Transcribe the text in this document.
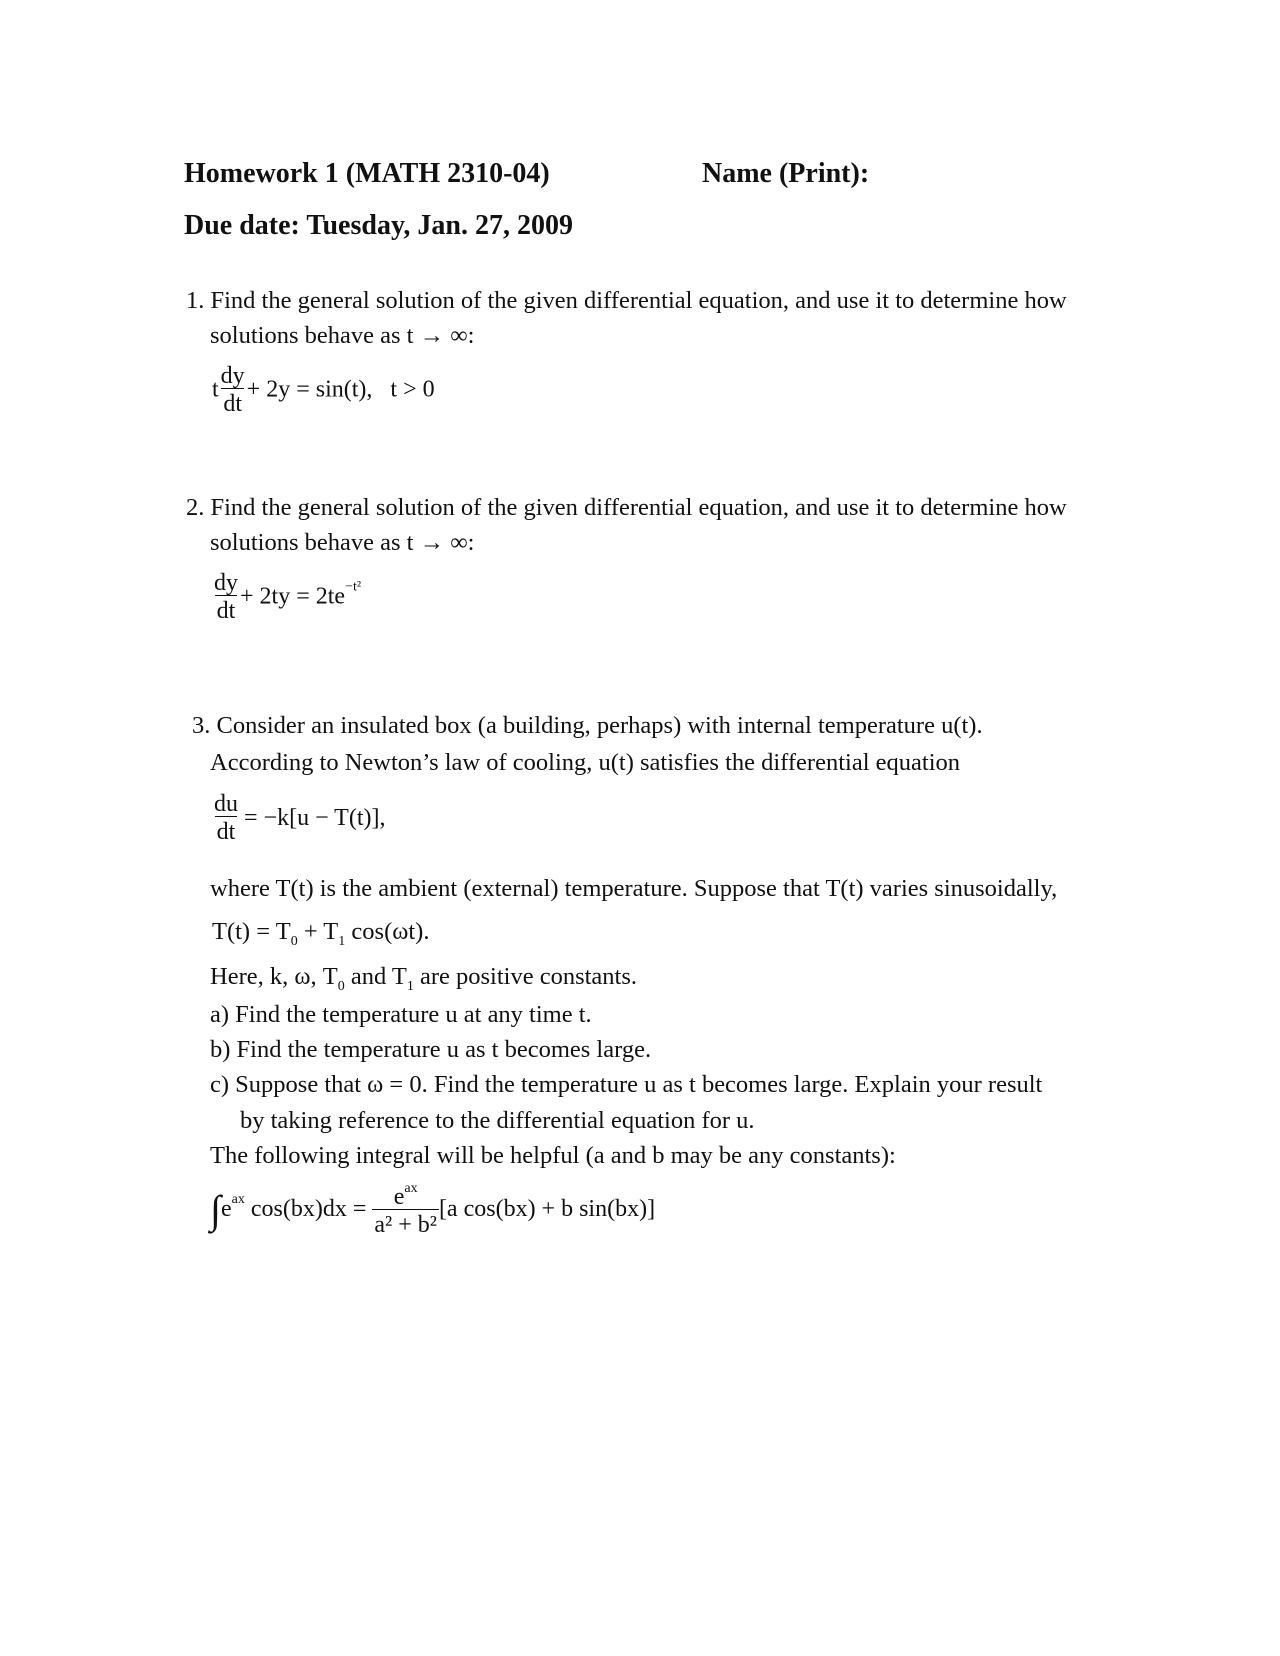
Homework 1 (MATH 2310-04)	Name (Print):
Due date: Tuesday, Jan. 27, 2009
1. Find the general solution of the given differential equation, and use it to determine how
solutions behave as t → ∞:
t $\frac{dy}{dt} + 2y = \sin(t)$,   t > 0
2. Find the general solution of the given differential equation, and use it to determine how
solutions behave as t → ∞:
$\frac{dy}{dt} + 2ty = 2te^{-t^2}$
3. Consider an insulated box (a building, perhaps) with internal temperature u(t).
According to Newton’s law of cooling, u(t) satisfies the differential equation
$\frac{du}{dt} = -k[u - T(t)]$,
where T(t) is the ambient (external) temperature. Suppose that T(t) varies sinusoidally,
$T(t) = T_0 + T_1$ cos(ωt).
Here, k, ω, $T_0$ and $T_1$ are positive constants.
a) Find the temperature u at any time t.
b) Find the temperature u as t becomes large.
c) Suppose that ω = 0. Find the temperature u as t becomes large. Explain your result
by taking reference to the differential equation for u.
The following integral will be helpful (a and b may be any constants):
$\int e^{ax}$ $\cos(bx)dx = \frac{e^{ax}}{\text{a² + b²}} [a$ cos(bx) + b sin(bx)]
